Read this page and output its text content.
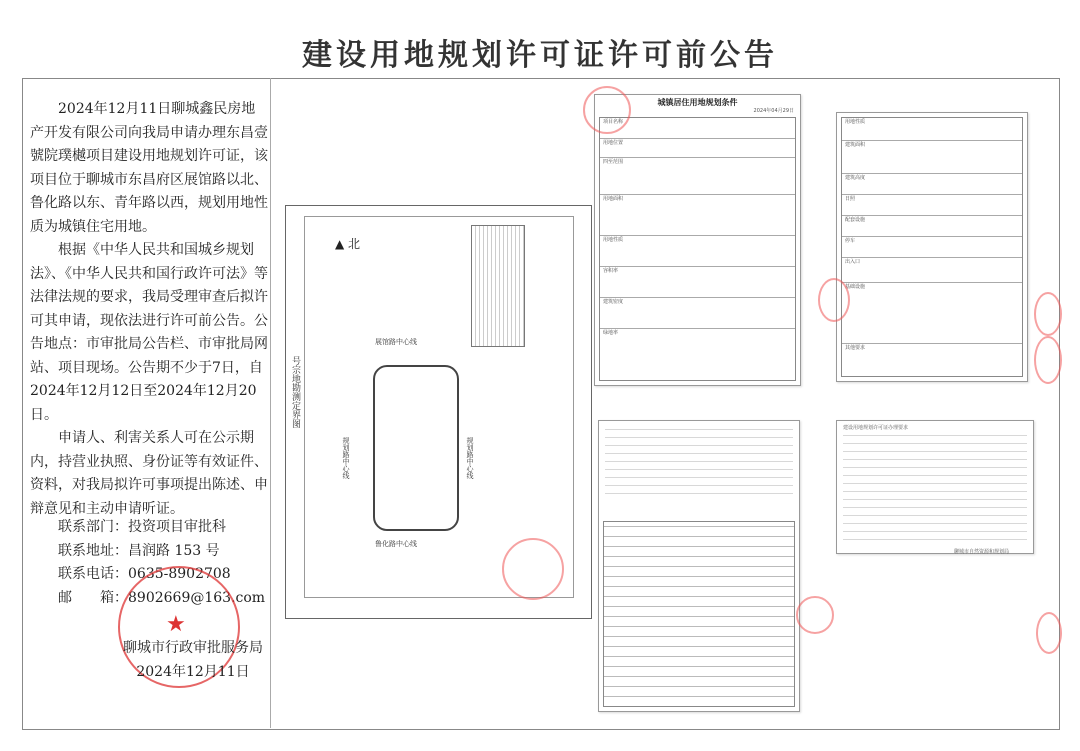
建设用地规划许可证许可前公告

2024年12月11日聊城鑫民房地产开发有限公司向我局申请办理东昌壹號院璞樾项目建设用地规划许可证，该项目位于聊城市东昌府区展馆路以北、鲁化路以东、青年路以西，规划用地性质为城镇住宅用地。

根据《中华人民共和国城乡规划法》、《中华人民共和国行政许可法》等法律法规的要求，我局受理审查后拟许可其申请，现依法进行许可前公告。公告地点：市审批局公告栏、市审批局网站、项目现场。公告期不少于7日，自2024年12月12日至2024年12月20日。

申请人、利害关系人可在公示期内，持营业执照、身份证等有效证件、资料，对我局拟许可事项提出陈述、申辩意见和主动申请听证。

联系部门：投资项目审批科
联系地址：昌润路 153 号
联系电话：0635-8902708
邮　　箱：8902669@163.com
★
聊城市行政审批服务局
2024年12月11日
▲ 北
展馆路中心线
鲁化路中心线
规划路中心线	规划路中心线
号宗地勘测定界图
城镇居住用地规划条件
2024年04月29日
项目名称
用地位置
四至范围
用地面积
用地性质
容积率
建筑密度
绿地率
用地性质
建筑面积
建筑高度
日照
配套设施
停车
出入口
基础设施
其他要求
建设用地规划许可证办理要求
聊城市自然资源和规划局
